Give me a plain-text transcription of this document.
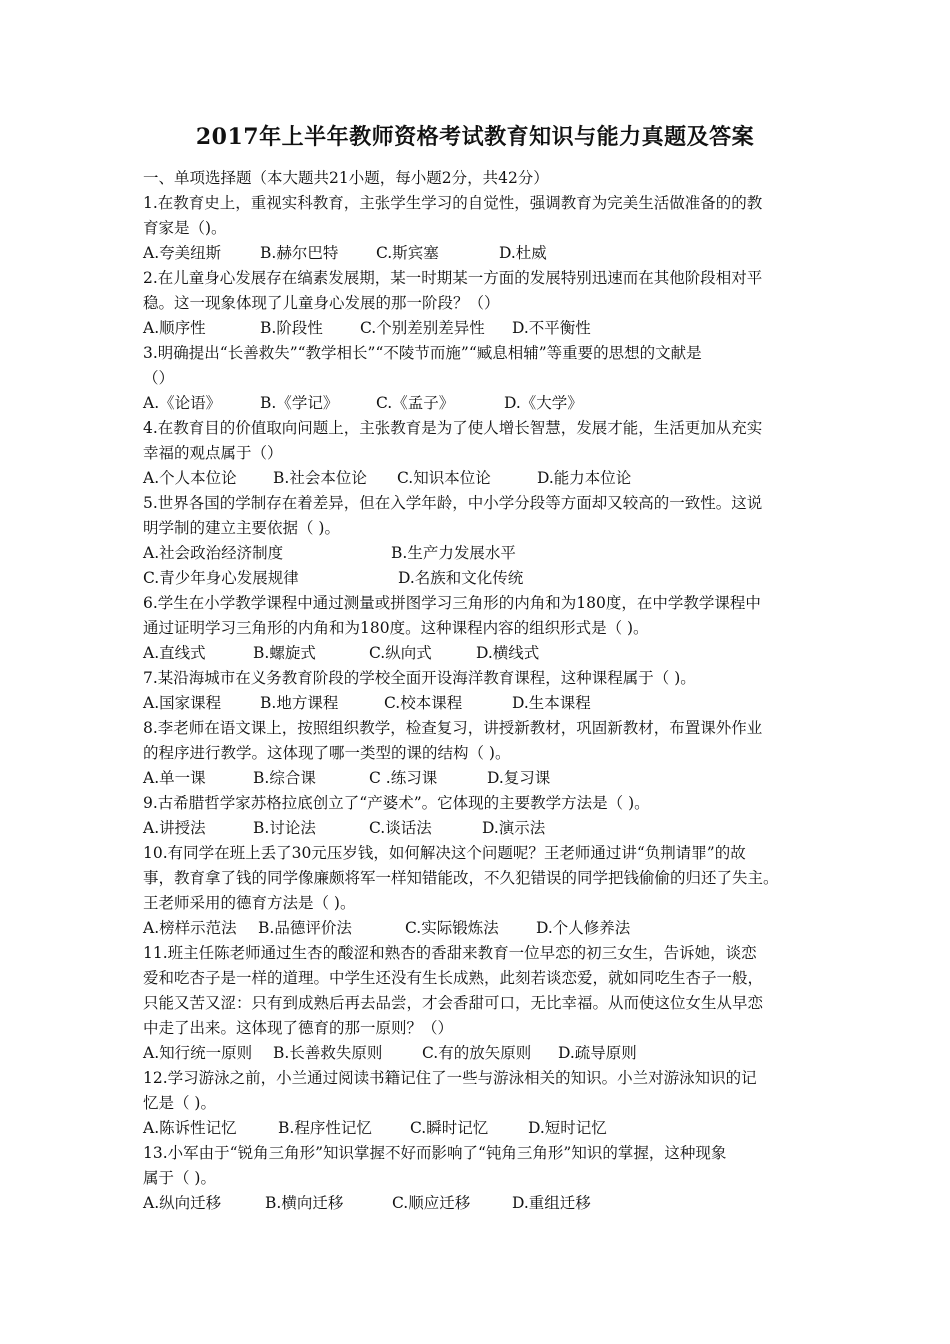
2017年上半年教师资格考试教育知识与能力真题及答案
一、单项选择题（本大题共21小题，每小题2分，共42分）
1.在教育史上，重视实科教育，主张学生学习的自觉性，强调教育为完美生活做准备的的教
育家是（)。
A.夸美纽斯	B.赫尔巴特 C.斯宾塞	D.杜威
2.在儿童身心发展存在缟素发展期，某一时期某一方面的发展特别迅速而在其他阶段相对平
稳。这一现象体现了儿童身心发展的那一阶段？（）
A.顺序性	B.阶段性 C.个别差别差异性 D.不平衡性
3.明确提出“长善救失”“教学相长”“不陵节而施”“臧息相辅”等重要的思想的文献是
（）
A.《论语》	B.《学记》 C.《孟子》	D.《大学》
4.在教育目的价值取向问题上，主张教育是为了使人增长智慧，发展才能，生活更加从充实
幸福的观点属于（）
A.个人本位论 B.社会本位论 C.知识本位论	D.能力本位论
5.世界各国的学制存在着差异，但在入学年龄，中小学分段等方面却又较高的一致性。这说
明学制的建立主要依据（ )。
A.社会政治经济制度	B.生产力发展水平
C.青少年身心发展规律	D.名族和文化传统
6.学生在小学教学课程中通过测量或拼图学习三角形的内角和为180度，在中学教学课程中
通过证明学习三角形的内角和为180度。这种课程内容的组织形式是（ )。
A.直线式	B.螺旋式	C.纵向式	D.横线式
7.某沿海城市在义务教育阶段的学校全面开设海洋教育课程，这种课程属于（ )。
A.国家课程	B.地方课程	C.校本课程	D.生本课程
8.李老师在语文课上，按照组织教学，检查复习，讲授新教材，巩固新教材，布置课外作业
的程序进行教学。这体现了哪一类型的课的结构（ )。
A.单一课	B.综合课	C .练习课	D.复习课
9.古希腊哲学家苏格拉底创立了“产婆术”。它体现的主要教学方法是（ )。
A.讲授法	B.讨论法	C.谈话法	D.演示法
10.有同学在班上丢了30元压岁钱，如何解决这个问题呢？王老师通过讲“负荆请罪”的故
事，教育拿了钱的同学像廉颇将军一样知错能改，不久犯错误的同学把钱偷偷的归还了失主。
王老师采用的德育方法是（ )。
A.榜样示范法 B.品德评价法	C.实际锻炼法 D.个人修养法
11.班主任陈老师通过生杏的酸涩和熟杏的香甜来教育一位早恋的初三女生，告诉她，谈恋
爱和吃杏子是一样的道理。中学生还没有生长成熟，此刻若谈恋爱，就如同吃生杏子一般，
只能又苦又涩：只有到成熟后再去品尝，才会香甜可口，无比幸福。从而使这位女生从早恋
中走了出来。这体现了德育的那一原则？（）
A.知行统一原则 B.长善救失原则	C.有的放矢原则 D.疏导原则
12.学习游泳之前，小兰通过阅读书籍记住了一些与游泳相关的知识。小兰对游泳知识的记
忆是（ )。
A.陈诉性记忆	B.程序性记忆 C.瞬时记忆	D.短时记忆
13.小军由于“锐角三角形”知识掌握不好而影响了“钝角三角形”知识的掌握，这种现象
属于（ )。
A.纵向迁移	B.横向迁移	C.顺应迁移	D.重组迁移
